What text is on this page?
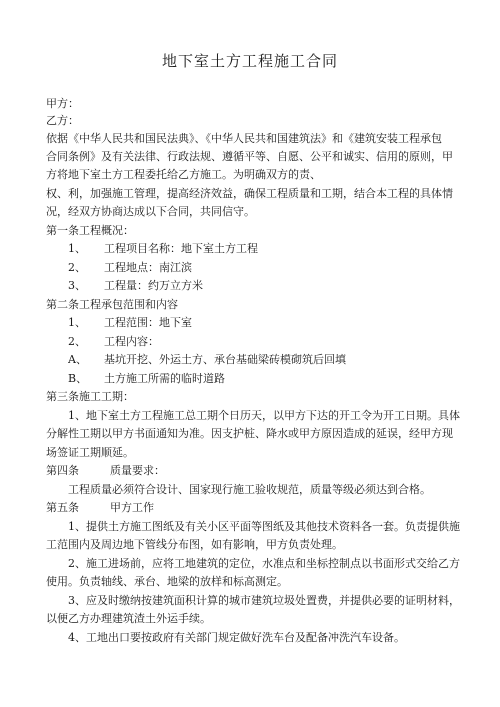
地下室土方工程施工合同
甲方：
乙方：
依据《中华人民共和国民法典》、《中华人民共和国建筑法》和《建筑安装工程承包
合同条例》及有关法律、行政法规、遵循平等、自愿、公平和诚实、信用的原则，甲
方将地下室土方工程委托给乙方施工。为明确双方的责、
权、利，加强施工管理，提高经济效益，确保工程质量和工期，结合本工程的具体情
况，经双方协商达成以下合同，共同信守。
第一条工程概况：
1、 工程项目名称：地下室土方工程
2、 工程地点：南江滨
3、 工程量：约万立方米
第二条工程承包范围和内容
1、 工程范围：地下室
2、 工程内容：
A、 基坑开挖、外运土方、承台基础梁砖模砌筑后回填
B、 土方施工所需的临时道路
第三条施工工期：
1、地下室土方工程施工总工期个日历天，以甲方下达的开工令为开工日期。具体
分解性工期以甲方书面通知为准。因支护桩、降水或甲方原因造成的延误，经甲方现
场签证工期顺延。
第四条	质量要求：
工程质量必须符合设计、国家现行施工验收规范，质量等级必须达到合格。
第五条	甲方工作
1、提供土方施工图纸及有关小区平面等图纸及其他技术资料各一套。负责提供施
工范围内及周边地下管线分布图，如有影响，甲方负责处理。
2、施工进场前，应将工地建筑的定位，水准点和坐标控制点以书面形式交给乙方
使用。负责轴线、承台、地梁的放样和标高测定。
3、应及时缴纳按建筑面积计算的城市建筑垃圾处置费，并提供必要的证明材料，
以便乙方办理建筑渣土外运手续。
4、工地出口要按政府有关部门规定做好洗车台及配备冲洗汽车设备。
